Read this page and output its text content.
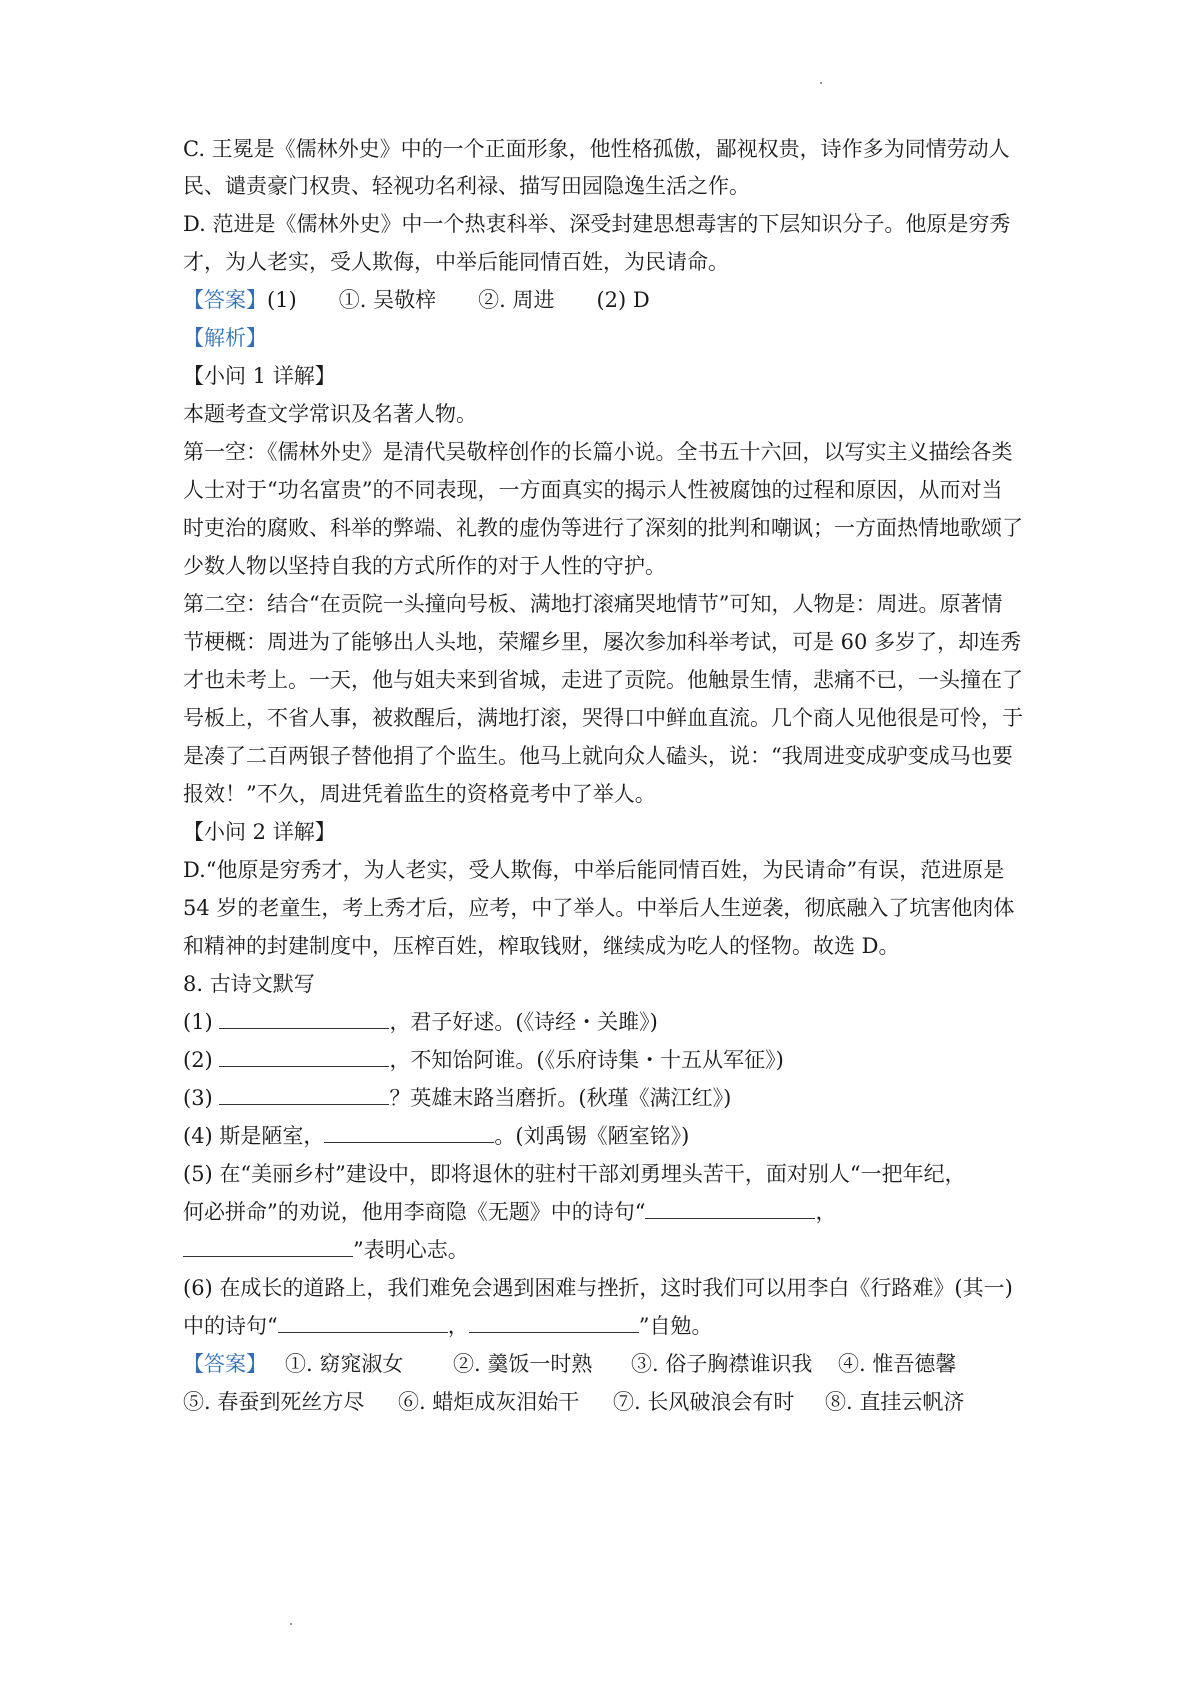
C. 王冕是《儒林外史》中的一个正面形象，他性格孤傲，鄙视权贵，诗作多为同情劳动人
民、谴责豪门权贵、轻视功名利禄、描写田园隐逸生活之作。
D. 范进是《儒林外史》中一个热衷科举、深受封建思想毒害的下层知识分子。他原是穷秀
才，为人老实，受人欺侮，中举后能同情百姓，为民请命。
【答案】(1)　　①. 吴敬梓　　②. 周进　　(2) D
【解析】
【小问 1 详解】
本题考查文学常识及名著人物。
第一空：《儒林外史》是清代吴敬梓创作的长篇小说。全书五十六回，以写实主义描绘各类
人士对于“功名富贵”的不同表现，一方面真实的揭示人性被腐蚀的过程和原因，从而对当
时吏治的腐败、科举的弊端、礼教的虚伪等进行了深刻的批判和嘲讽；一方面热情地歌颂了
少数人物以坚持自我的方式所作的对于人性的守护。
第二空：结合“在贡院一头撞向号板、满地打滚痛哭地情节”可知，人物是：周进。原著情
节梗概：周进为了能够出人头地，荣耀乡里，屡次参加科举考试，可是 60 多岁了，却连秀
才也未考上。一天，他与姐夫来到省城，走进了贡院。他触景生情，悲痛不已，一头撞在了
号板上，不省人事，被救醒后，满地打滚，哭得口中鲜血直流。几个商人见他很是可怜，于
是凑了二百两银子替他捐了个监生。他马上就向众人磕头，说：“我周进变成驴变成马也要
报效！”不久，周进凭着监生的资格竟考中了举人。
【小问 2 详解】
D.“他原是穷秀才，为人老实，受人欺侮，中举后能同情百姓，为民请命”有误，范进原是
54 岁的老童生，考上秀才后，应考，中了举人。中举后人生逆袭，彻底融入了坑害他肉体
和精神的封建制度中，压榨百姓，榨取钱财，继续成为吃人的怪物。故选 D。
8. 古诗文默写
(1)	，君子好逑。(《诗经・关雎》)
(2)	，不知饴阿谁。(《乐府诗集・十五从军征》)
(3)	？英雄末路当磨折。(秋瑾《满江红》)
(4) 斯是陋室，	。(刘禹锡《陋室铭》)
(5) 在“美丽乡村”建设中，即将退休的驻村干部刘勇埋头苦干，面对别人“一把年纪，
何必拼命”的劝说，他用李商隐《无题》中的诗句“	，
”表明心志。
(6) 在成长的道路上，我们难免会遇到困难与挫折，这时我们可以用李白《行路难》(其一)
中的诗句“	，	”自勉。
【答案】 ①. 窈窕淑女 ②. 羹饭一时熟 ③. 俗子胸襟谁识我 ④. 惟吾德馨
⑤. 春蚕到死丝方尽 ⑥. 蜡炬成灰泪始干 ⑦. 长风破浪会有时 ⑧. 直挂云帆济
